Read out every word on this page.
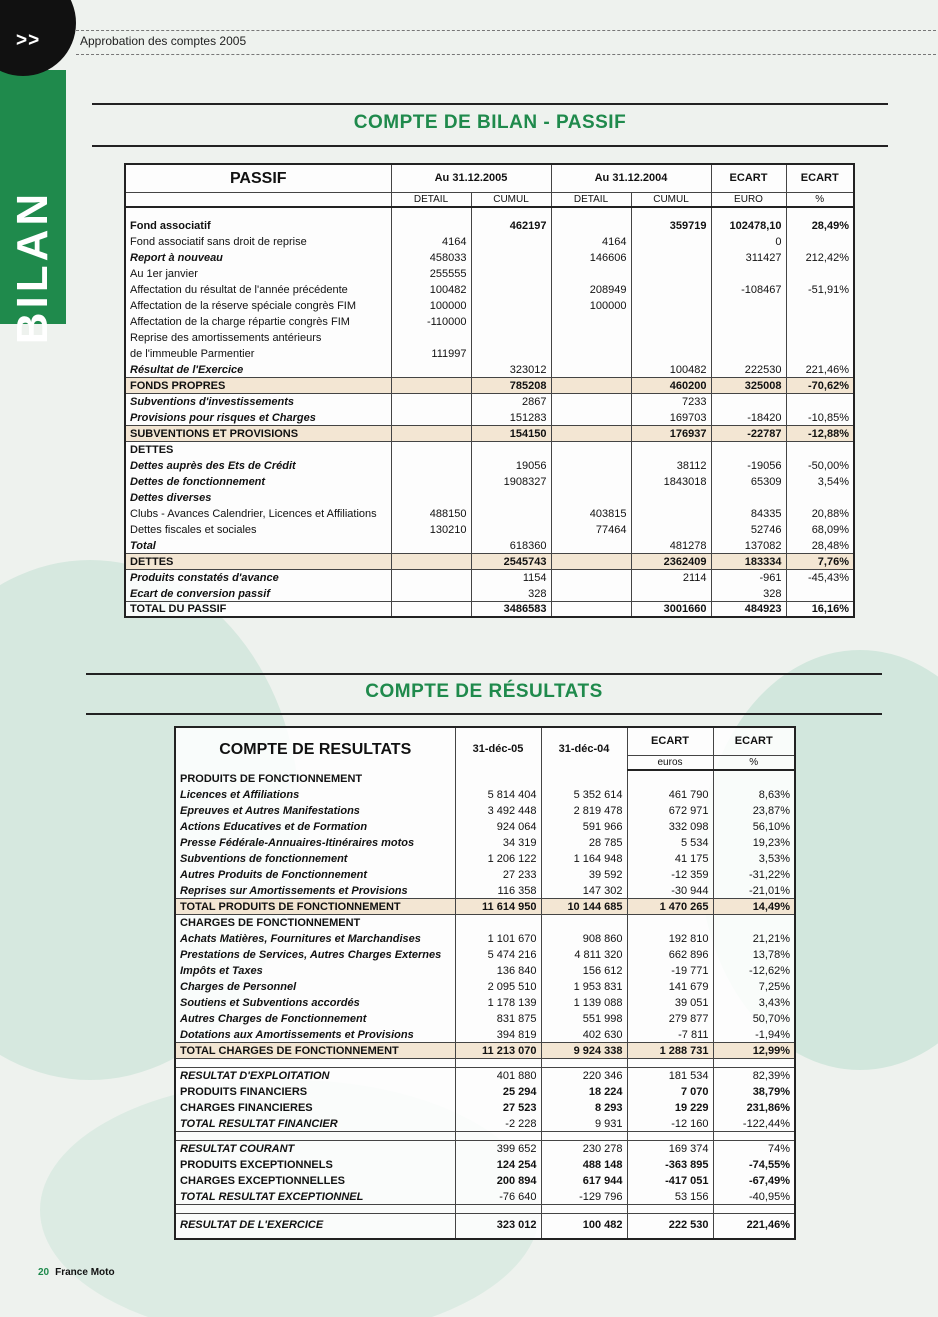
BILAN
>>	Approbation des comptes 2005
COMPTE DE BILAN - PASSIF
PASSIF	Au 31.12.2005		Au 31.12.2004		ECART	ECART
	DETAIL	CUMUL	DETAIL	CUMUL	EURO	%
Fond associatif		462197		359719	102478,10	28,49%
Fond associatif sans droit de reprise	4164		4164		0	
Report à nouveau	458033		146606		311427	212,42%
Au 1er janvier	255555					
Affectation du résultat de l'année précédente	100482		208949		-108467	-51,91%
Affectation de la réserve spéciale congrès FIM	100000		100000			
Affectation de la charge répartie congrès FIM	-110000					
Reprise des amortissements antérieurs						
de l'immeuble Parmentier	111997					
Résultat de l'Exercice		323012		100482	222530	221,46%
FONDS PROPRES		785208		460200	325008	-70,62%
Subventions d'investissements		2867		7233		
Provisions pour risques et Charges		151283		169703	-18420	-10,85%
SUBVENTIONS ET PROVISIONS		154150		176937	-22787	-12,88%
DETTES						
Dettes auprès des Ets de Crédit		19056		38112	-19056	-50,00%
Dettes de fonctionnement		1908327		1843018	65309	3,54%
Dettes diverses						
Clubs - Avances Calendrier, Licences et Affiliations	488150		403815		84335	20,88%
Dettes fiscales et sociales	130210		77464		52746	68,09%
Total		618360		481278	137082	28,48%
DETTES		2545743		2362409	183334	7,76%
Produits constatés d'avance		1154		2114	-961	-45,43%
Ecart de conversion passif		328			328	
TOTAL DU PASSIF		3486583		3001660	484923	16,16%
COMPTE DE RÉSULTATS
COMPTE DE RESULTATS	31-déc-05	31-déc-04	ECART	ECART
			euros	%
PRODUITS DE FONCTIONNEMENT				
Licences et Affiliations	5 814 404	5 352 614	461 790	8,63%
Epreuves et Autres Manifestations	3 492 448	2 819 478	672 971	23,87%
Actions Educatives et de Formation	924 064	591 966	332 098	56,10%
Presse Fédérale-Annuaires-Itinéraires motos	34 319	28 785	5 534	19,23%
Subventions de fonctionnement	1 206 122	1 164 948	41 175	3,53%
Autres Produits de Fonctionnement	27 233	39 592	-12 359	-31,22%
Reprises sur Amortissements et Provisions	116 358	147 302	-30 944	-21,01%
TOTAL PRODUITS DE FONCTIONNEMENT	11 614 950	10 144 685	1 470 265	14,49%
CHARGES DE FONCTIONNEMENT				
Achats Matières, Fournitures et Marchandises	1 101 670	908 860	192 810	21,21%
Prestations de Services, Autres Charges Externes	5 474 216	4 811 320	662 896	13,78%
Impôts et Taxes	136 840	156 612	-19 771	-12,62%
Charges de Personnel	2 095 510	1 953 831	141 679	7,25%
Soutiens et Subventions accordés	1 178 139	1 139 088	39 051	3,43%
Autres Charges de Fonctionnement	831 875	551 998	279 877	50,70%
Dotations aux Amortissements et Provisions	394 819	402 630	-7 811	-1,94%
TOTAL CHARGES DE FONCTIONNEMENT	11 213 070	9 924 338	1 288 731	12,99%

RESULTAT D'EXPLOITATION	401 880	220 346	181 534	82,39%
PRODUITS FINANCIERS	25 294	18 224	7 070	38,79%
CHARGES FINANCIERES	27 523	8 293	19 229	231,86%
TOTAL RESULTAT FINANCIER	-2 228	9 931	-12 160	-122,44%

RESULTAT COURANT	399 652	230 278	169 374	74%
PRODUITS EXCEPTIONNELS	124 254	488 148	-363 895	-74,55%
CHARGES EXCEPTIONNELLES	200 894	617 944	-417 051	-67,49%
TOTAL RESULTAT EXCEPTIONNEL	-76 640	-129 796	53 156	-40,95%

RESULTAT DE L'EXERCICE	323 012	100 482	222 530	221,46%
20 France Moto
